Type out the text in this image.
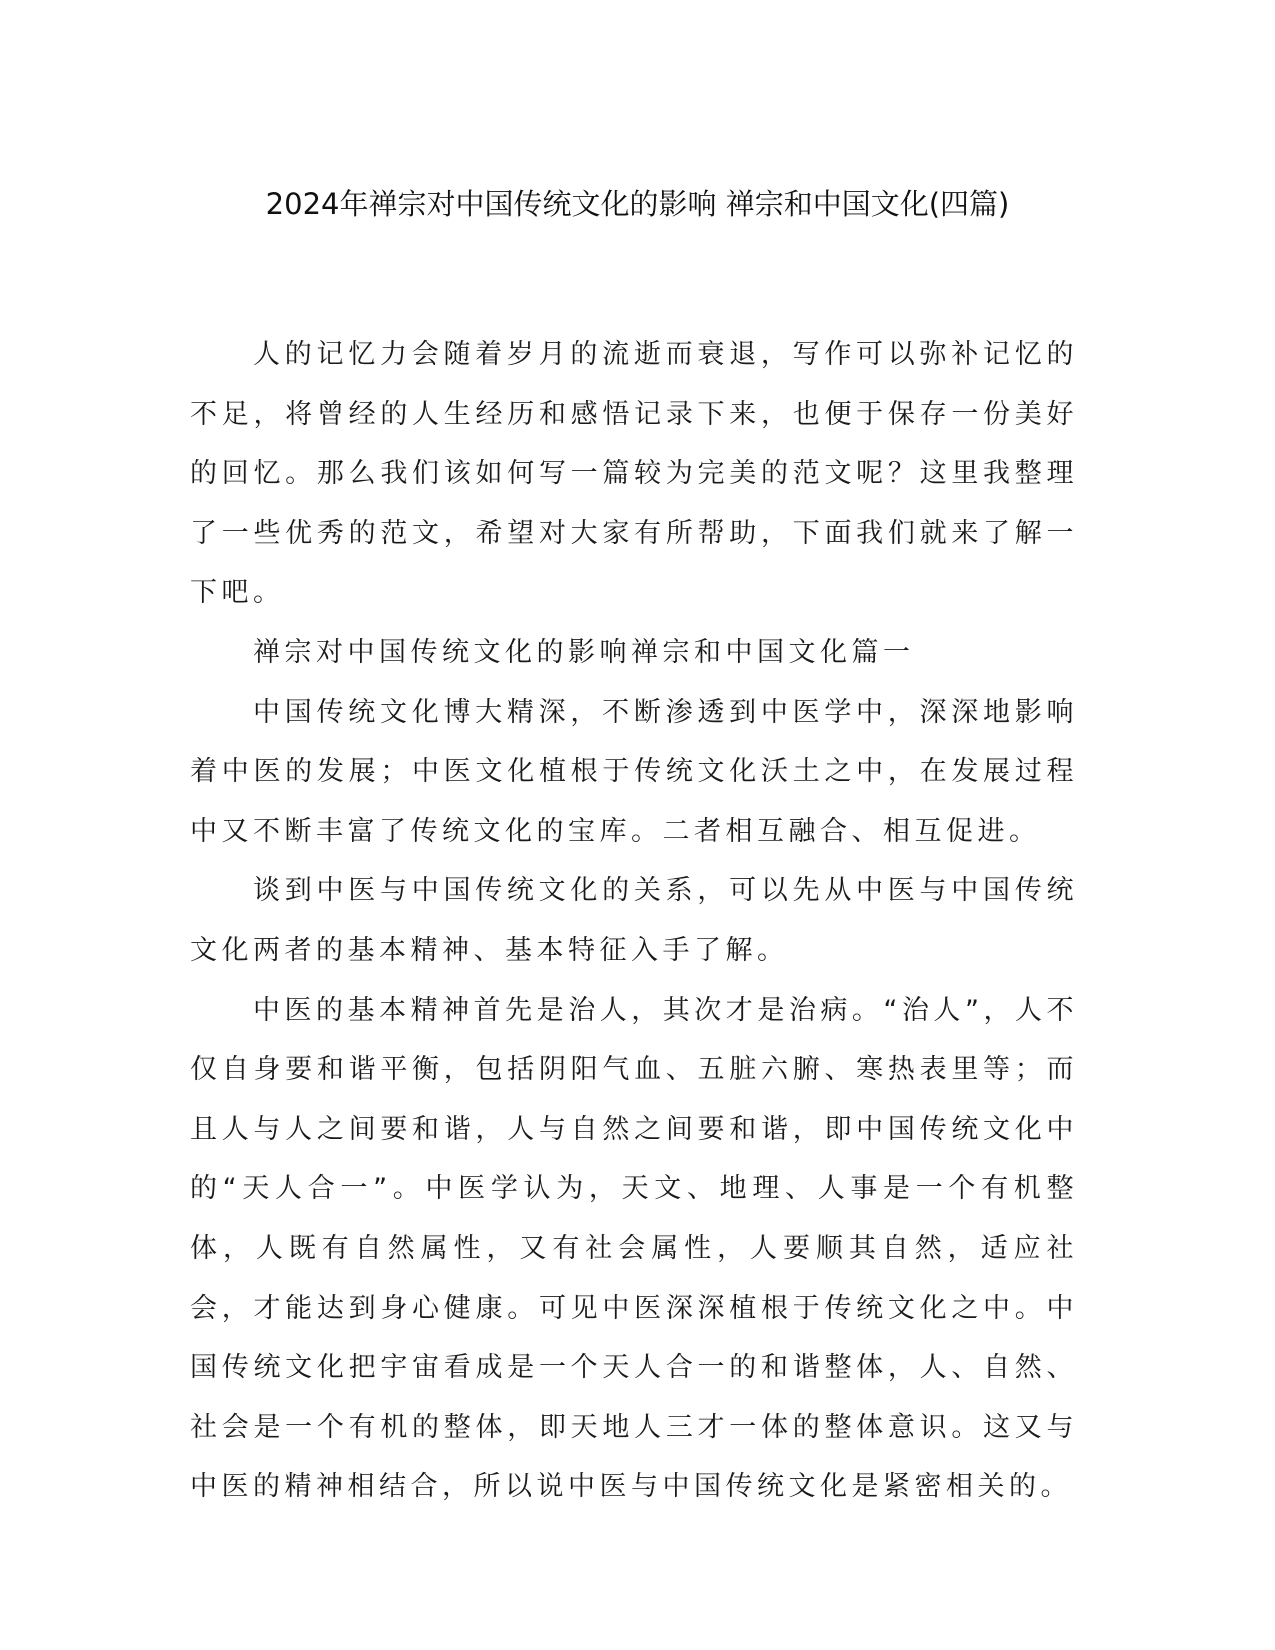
2024年禅宗对中国传统文化的影响 禅宗和中国文化(四篇)

人的记忆力会随着岁月的流逝而衰退，写作可以弥补记忆的不足，将曾经的人生经历和感悟记录下来，也便于保存一份美好的回忆。那么我们该如何写一篇较为完美的范文呢？这里我整理了一些优秀的范文，希望对大家有所帮助，下面我们就来了解一下吧。

禅宗对中国传统文化的影响禅宗和中国文化篇一

中国传统文化博大精深，不断渗透到中医学中，深深地影响着中医的发展；中医文化植根于传统文化沃土之中，在发展过程中又不断丰富了传统文化的宝库。二者相互融合、相互促进。

谈到中医与中国传统文化的关系，可以先从中医与中国传统文化两者的基本精神、基本特征入手了解。

中医的基本精神首先是治人，其次才是治病。“治人”，人不仅自身要和谐平衡，包括阴阳气血、五脏六腑、寒热表里等；而且人与人之间要和谐，人与自然之间要和谐，即中国传统文化中的“天人合一”。中医学认为，天文、地理、人事是一个有机整体，人既有自然属性，又有社会属性，人要顺其自然，适应社会，才能达到身心健康。可见中医深深植根于传统文化之中。中国传统文化把宇宙看成是一个天人合一的和谐整体，人、自然、社会是一个有机的整体，即天地人三才一体的整体意识。这又与中医的精神相结合，所以说中医与中国传统文化是紧密相关的。
